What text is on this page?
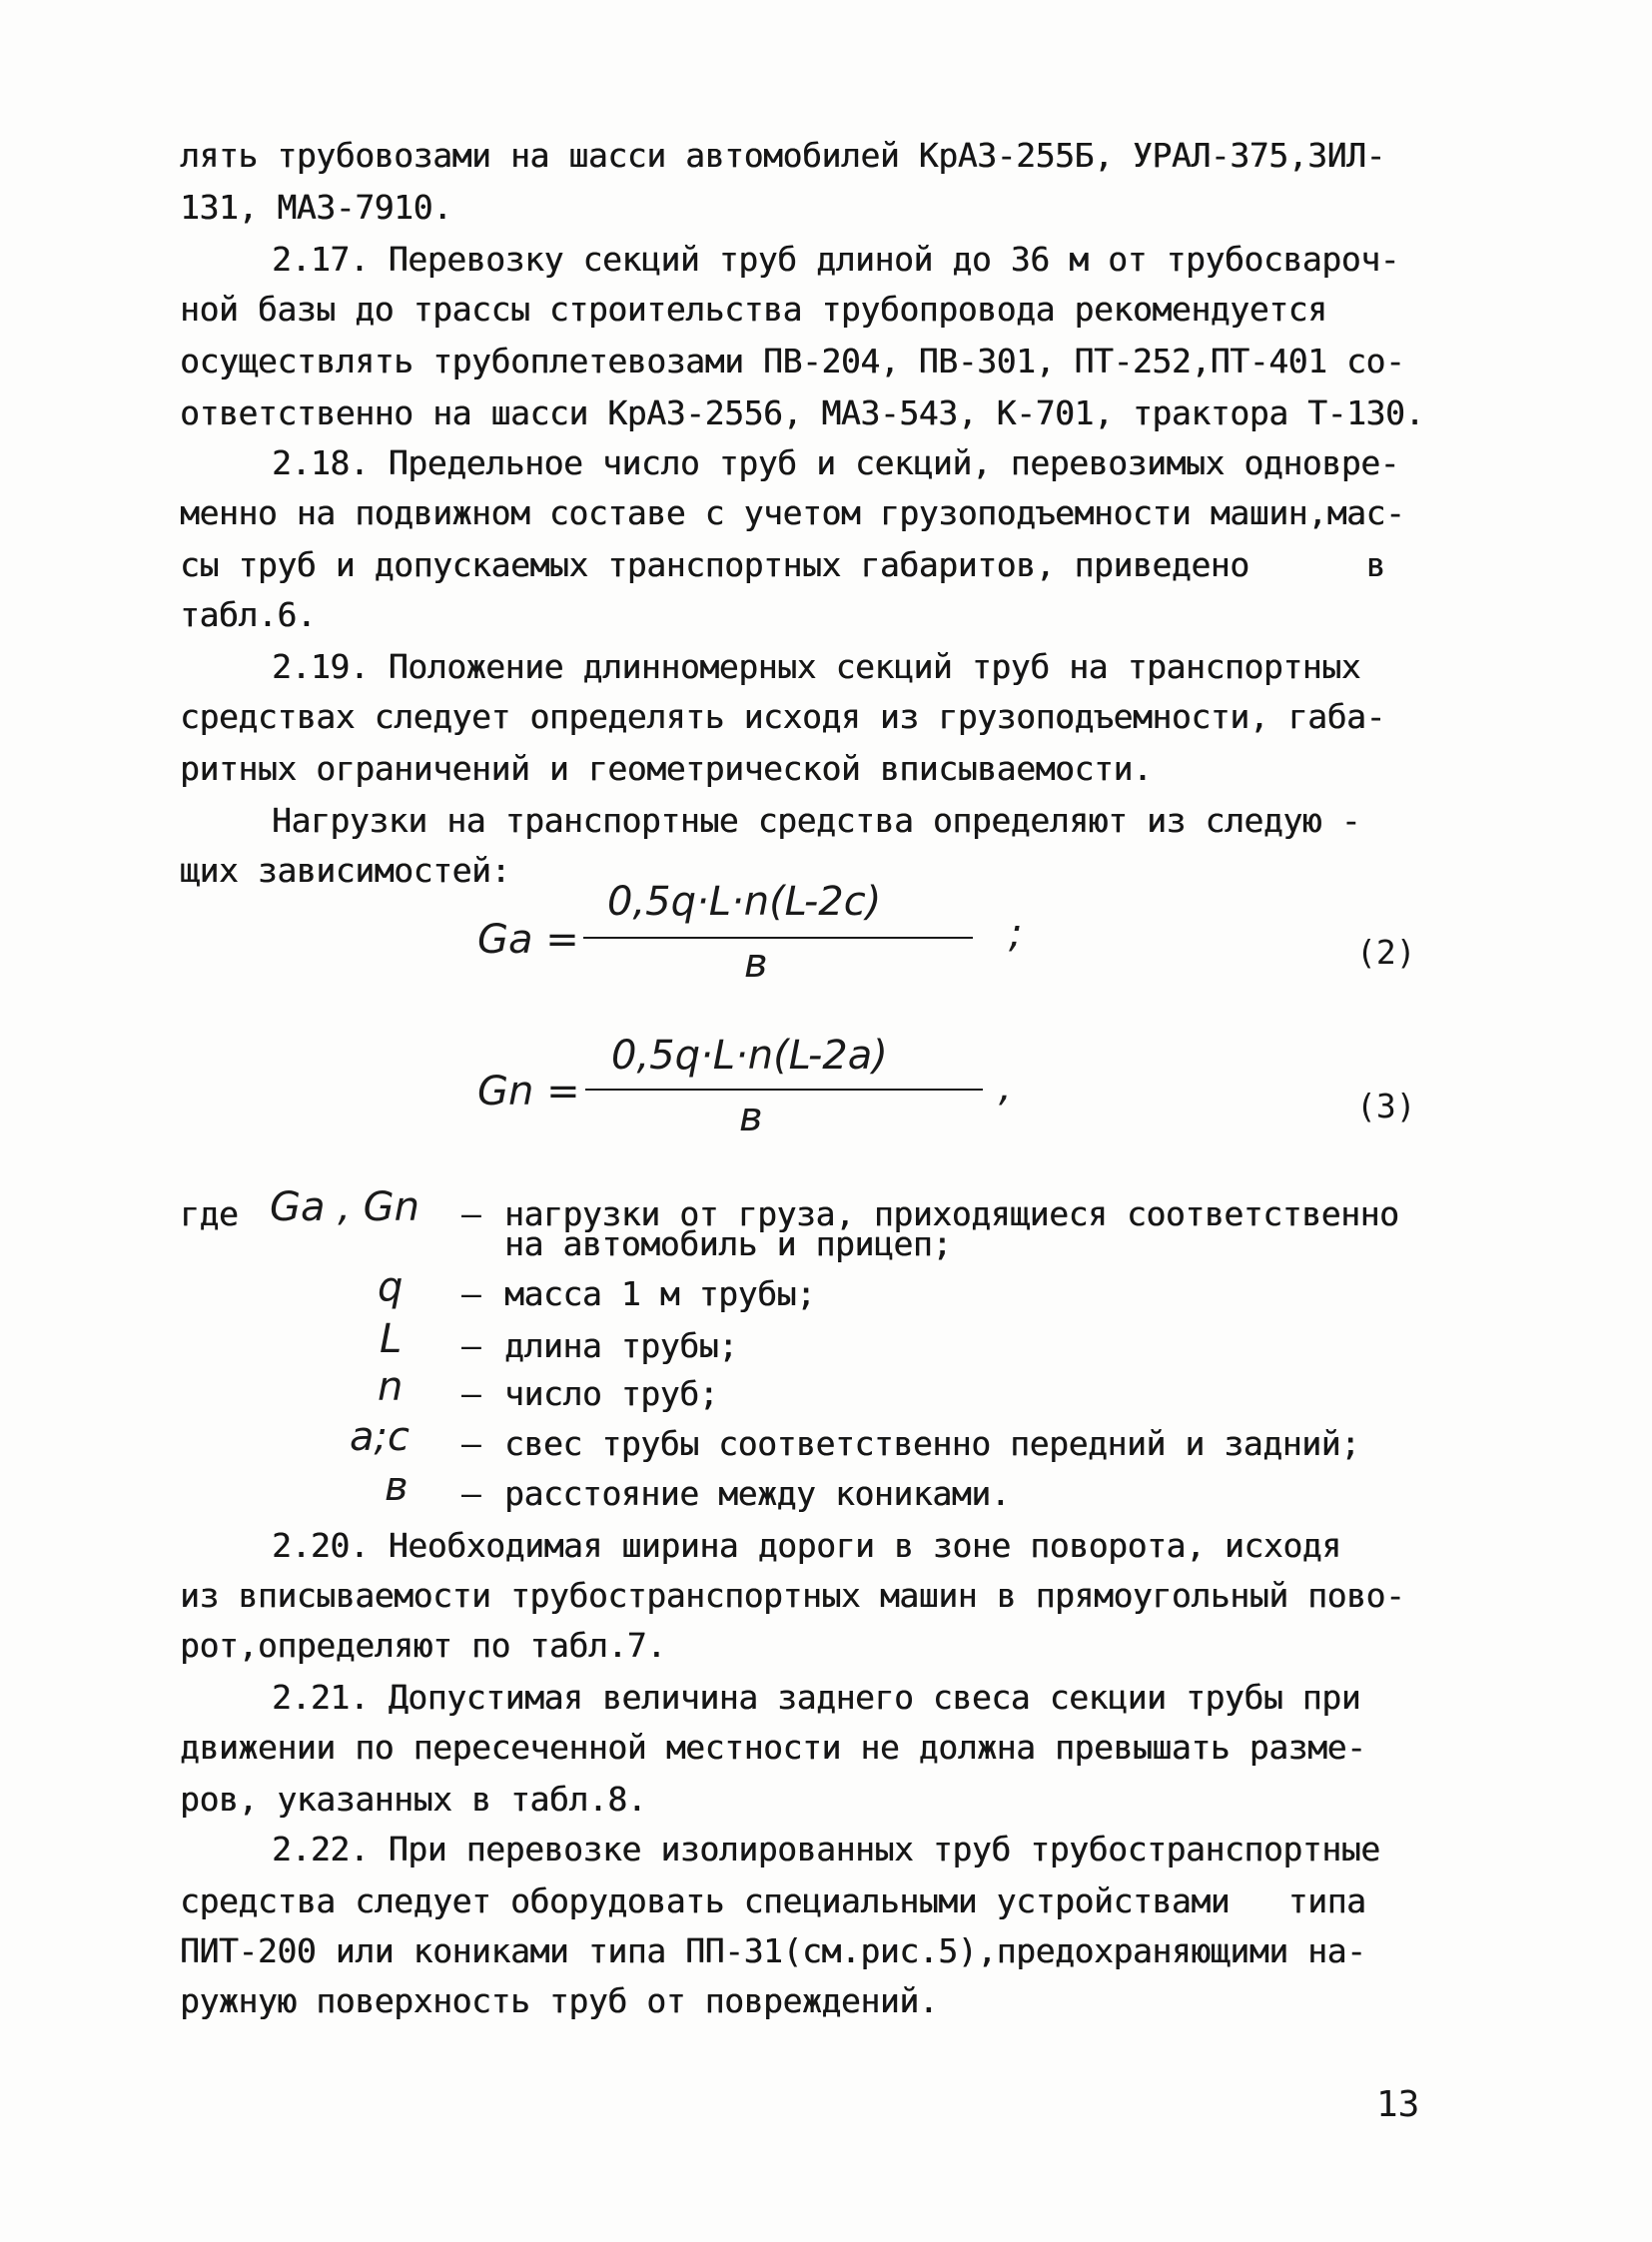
лять трубовозами на шасси автомобилей КрАЗ-255Б, УРАЛ-375,ЗИЛ-
131, МАЗ-7910.
2.17. Перевозку секций труб длиной до 36 м от трубосвароч-
ной базы до трассы строительства трубопровода рекомендуется
осуществлять трубоплетевозами ПВ-204, ПВ-301, ПТ-252,ПТ-401 со-
ответственно на шасси КрАЗ-2556, МАЗ-543, К-701, трактора Т-130.
2.18. Предельное число труб и секций, перевозимых одновре-
менно на подвижном составе с учетом грузоподъемности машин,мас-
сы труб и допускаемых транспортных габаритов, приведено      в
табл.6.
2.19. Положение длинномерных секций труб на транспортных
средствах следует определять исходя из грузоподъемности, габа-
ритных ограничений и геометрической вписываемости.
Нагрузки на транспортные средства определяют из следую -
щих зависимостей:
Ga =
0,5q·L·n(L-2c)
в
;	(2)
Gn =
0,5q·L·n(L-2a)
в
,	(3)
где Ga , Gn – нагрузки от груза, приходящиеся соответственно
на автомобиль и прицеп;
q – масса 1 м трубы;
L – длина трубы;
n – число труб;
a;c – свес трубы соответственно передний и задний;
в – расстояние между кониками.
2.20. Необходимая ширина дороги в зоне поворота, исходя
из вписываемости трубостранспортных машин в прямоугольный пово-
рот,определяют по табл.7.
2.21. Допустимая величина заднего свеса секции трубы при
движении по пересеченной местности не должна превышать разме-
ров, указанных в табл.8.
2.22. При перевозке изолированных труб трубостранспортные
средства следует оборудовать специальными устройствами   типа
ПИТ-200 или кониками типа ПП-31(см.рис.5),предохраняющими на-
ружную поверхность труб от повреждений.
13
